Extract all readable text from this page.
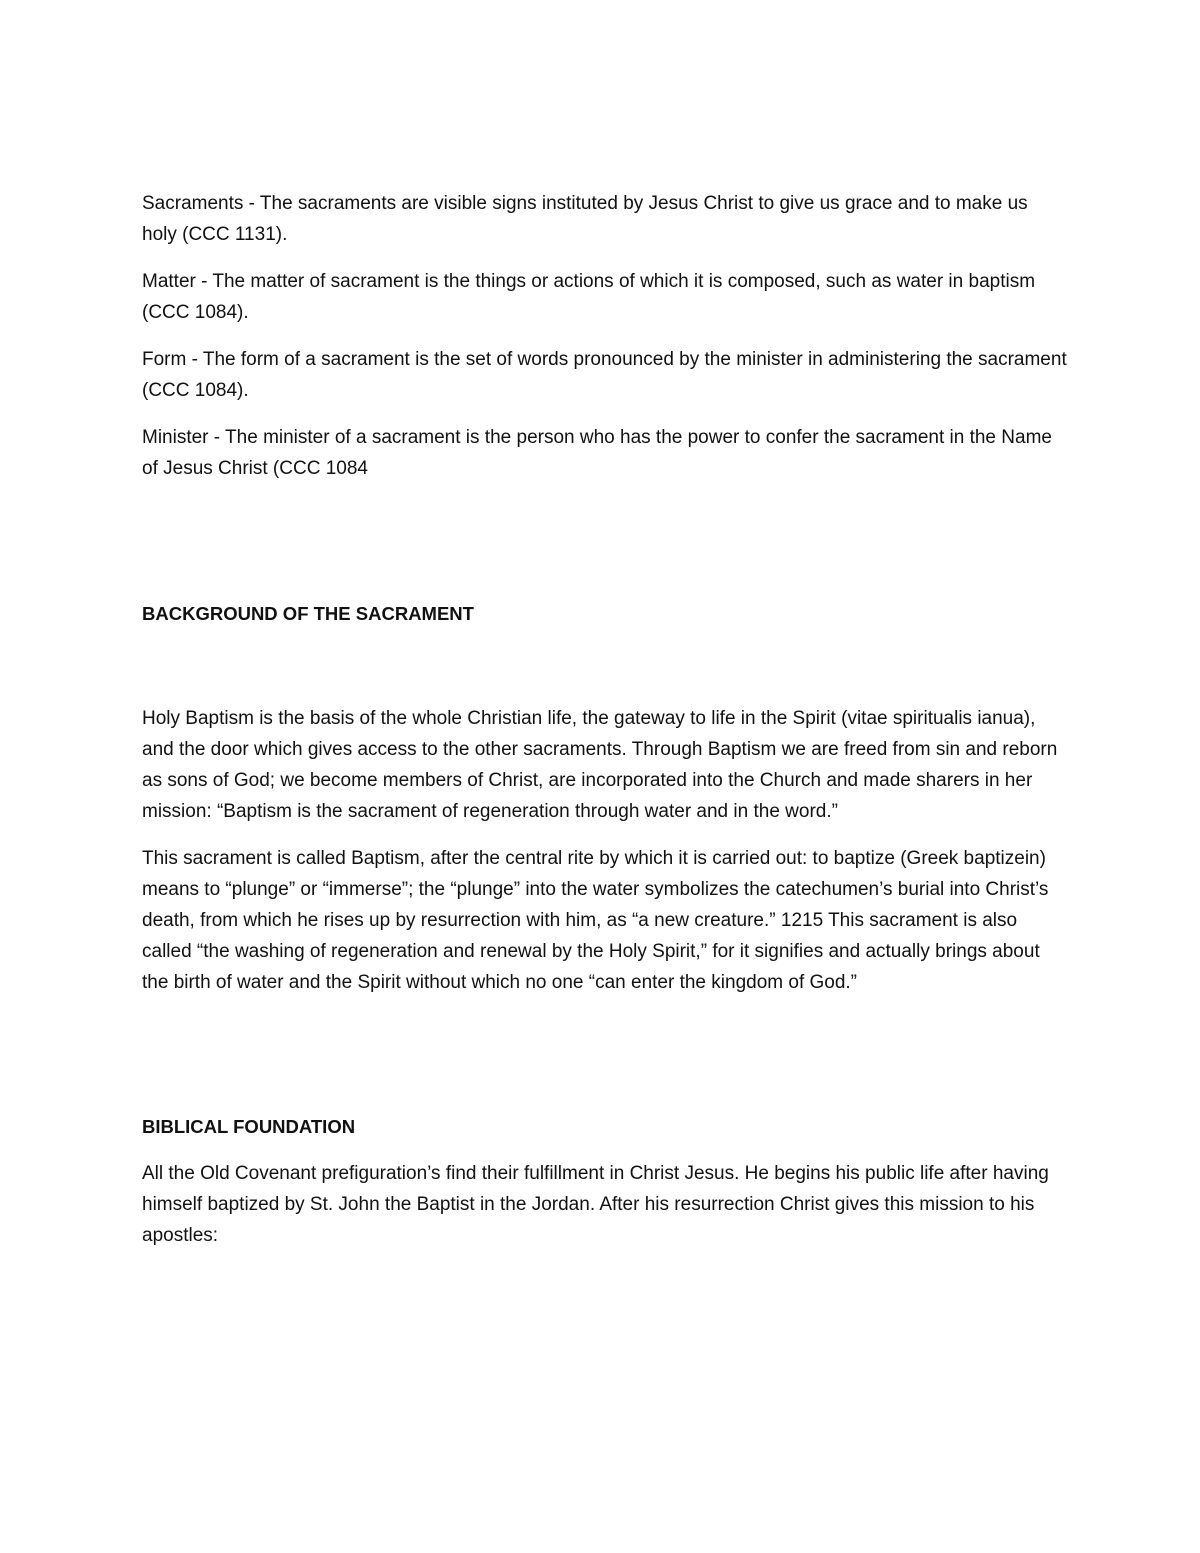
Sacraments - The sacraments are visible signs instituted by Jesus Christ to give us grace and to make us holy (CCC 1131).

Matter - The matter of sacrament is the things or actions of which it is composed, such as water in baptism (CCC 1084).

Form - The form of a sacrament is the set of words pronounced by the minister in administering the sacrament (CCC 1084).

Minister - The minister of a sacrament is the person who has the power to confer the sacrament in the Name of Jesus Christ (CCC 1084

BACKGROUND OF THE SACRAMENT

Holy Baptism is the basis of the whole Christian life, the gateway to life in the Spirit (vitae spiritualis ianua), and the door which gives access to the other sacraments. Through Baptism we are freed from sin and reborn as sons of God; we become members of Christ, are incorporated into the Church and made sharers in her mission: “Baptism is the sacrament of regeneration through water and in the word.”

This sacrament is called Baptism, after the central rite by which it is carried out: to baptize (Greek baptizein) means to “plunge” or “immerse”; the “plunge” into the water symbolizes the catechumen’s burial into Christ’s death, from which he rises up by resurrection with him, as “a new creature.” 1215 This sacrament is also called “the washing of regeneration and renewal by the Holy Spirit,” for it signifies and actually brings about the birth of water and the Spirit without which no one “can enter the kingdom of God.”

BIBLICAL FOUNDATION

All the Old Covenant prefiguration’s find their fulfillment in Christ Jesus. He begins his public life after having himself baptized by St. John the Baptist in the Jordan. After his resurrection Christ gives this mission to his apostles:
